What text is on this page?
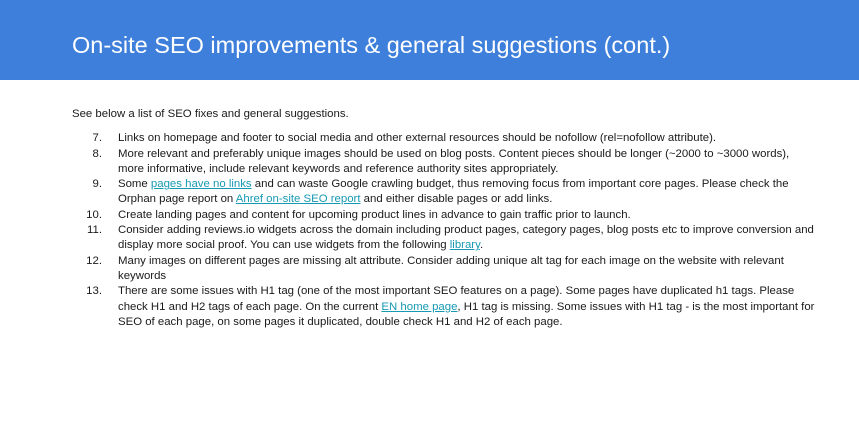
On-site SEO improvements & general suggestions (cont.)

See below a list of SEO fixes and general suggestions.

7. Links on homepage and footer to social media and other external resources should be nofollow (rel=nofollow attribute).
8. More relevant and preferably unique images should be used on blog posts. Content pieces should be longer (~2000 to ~3000 words), more informative, include relevant keywords and reference authority sites appropriately.
9. Some pages have no links and can waste Google crawling budget, thus removing focus from important core pages. Please check the Orphan page report on Ahref on-site SEO report and either disable pages or add links.
10. Create landing pages and content for upcoming product lines in advance to gain traffic prior to launch.
11. Consider adding reviews.io widgets across the domain including product pages, category pages, blog posts etc to improve conversion and display more social proof. You can use widgets from the following library.
12. Many images on different pages are missing alt attribute. Consider adding unique alt tag for each image on the website with relevant keywords
13. There are some issues with H1 tag (one of the most important SEO features on a page). Some pages have duplicated h1 tags. Please check H1 and H2 tags of each page. On the current EN home page, H1 tag is missing. Some issues with H1 tag - is the most important for SEO of each page, on some pages it duplicated, double check H1 and H2 of each page.
